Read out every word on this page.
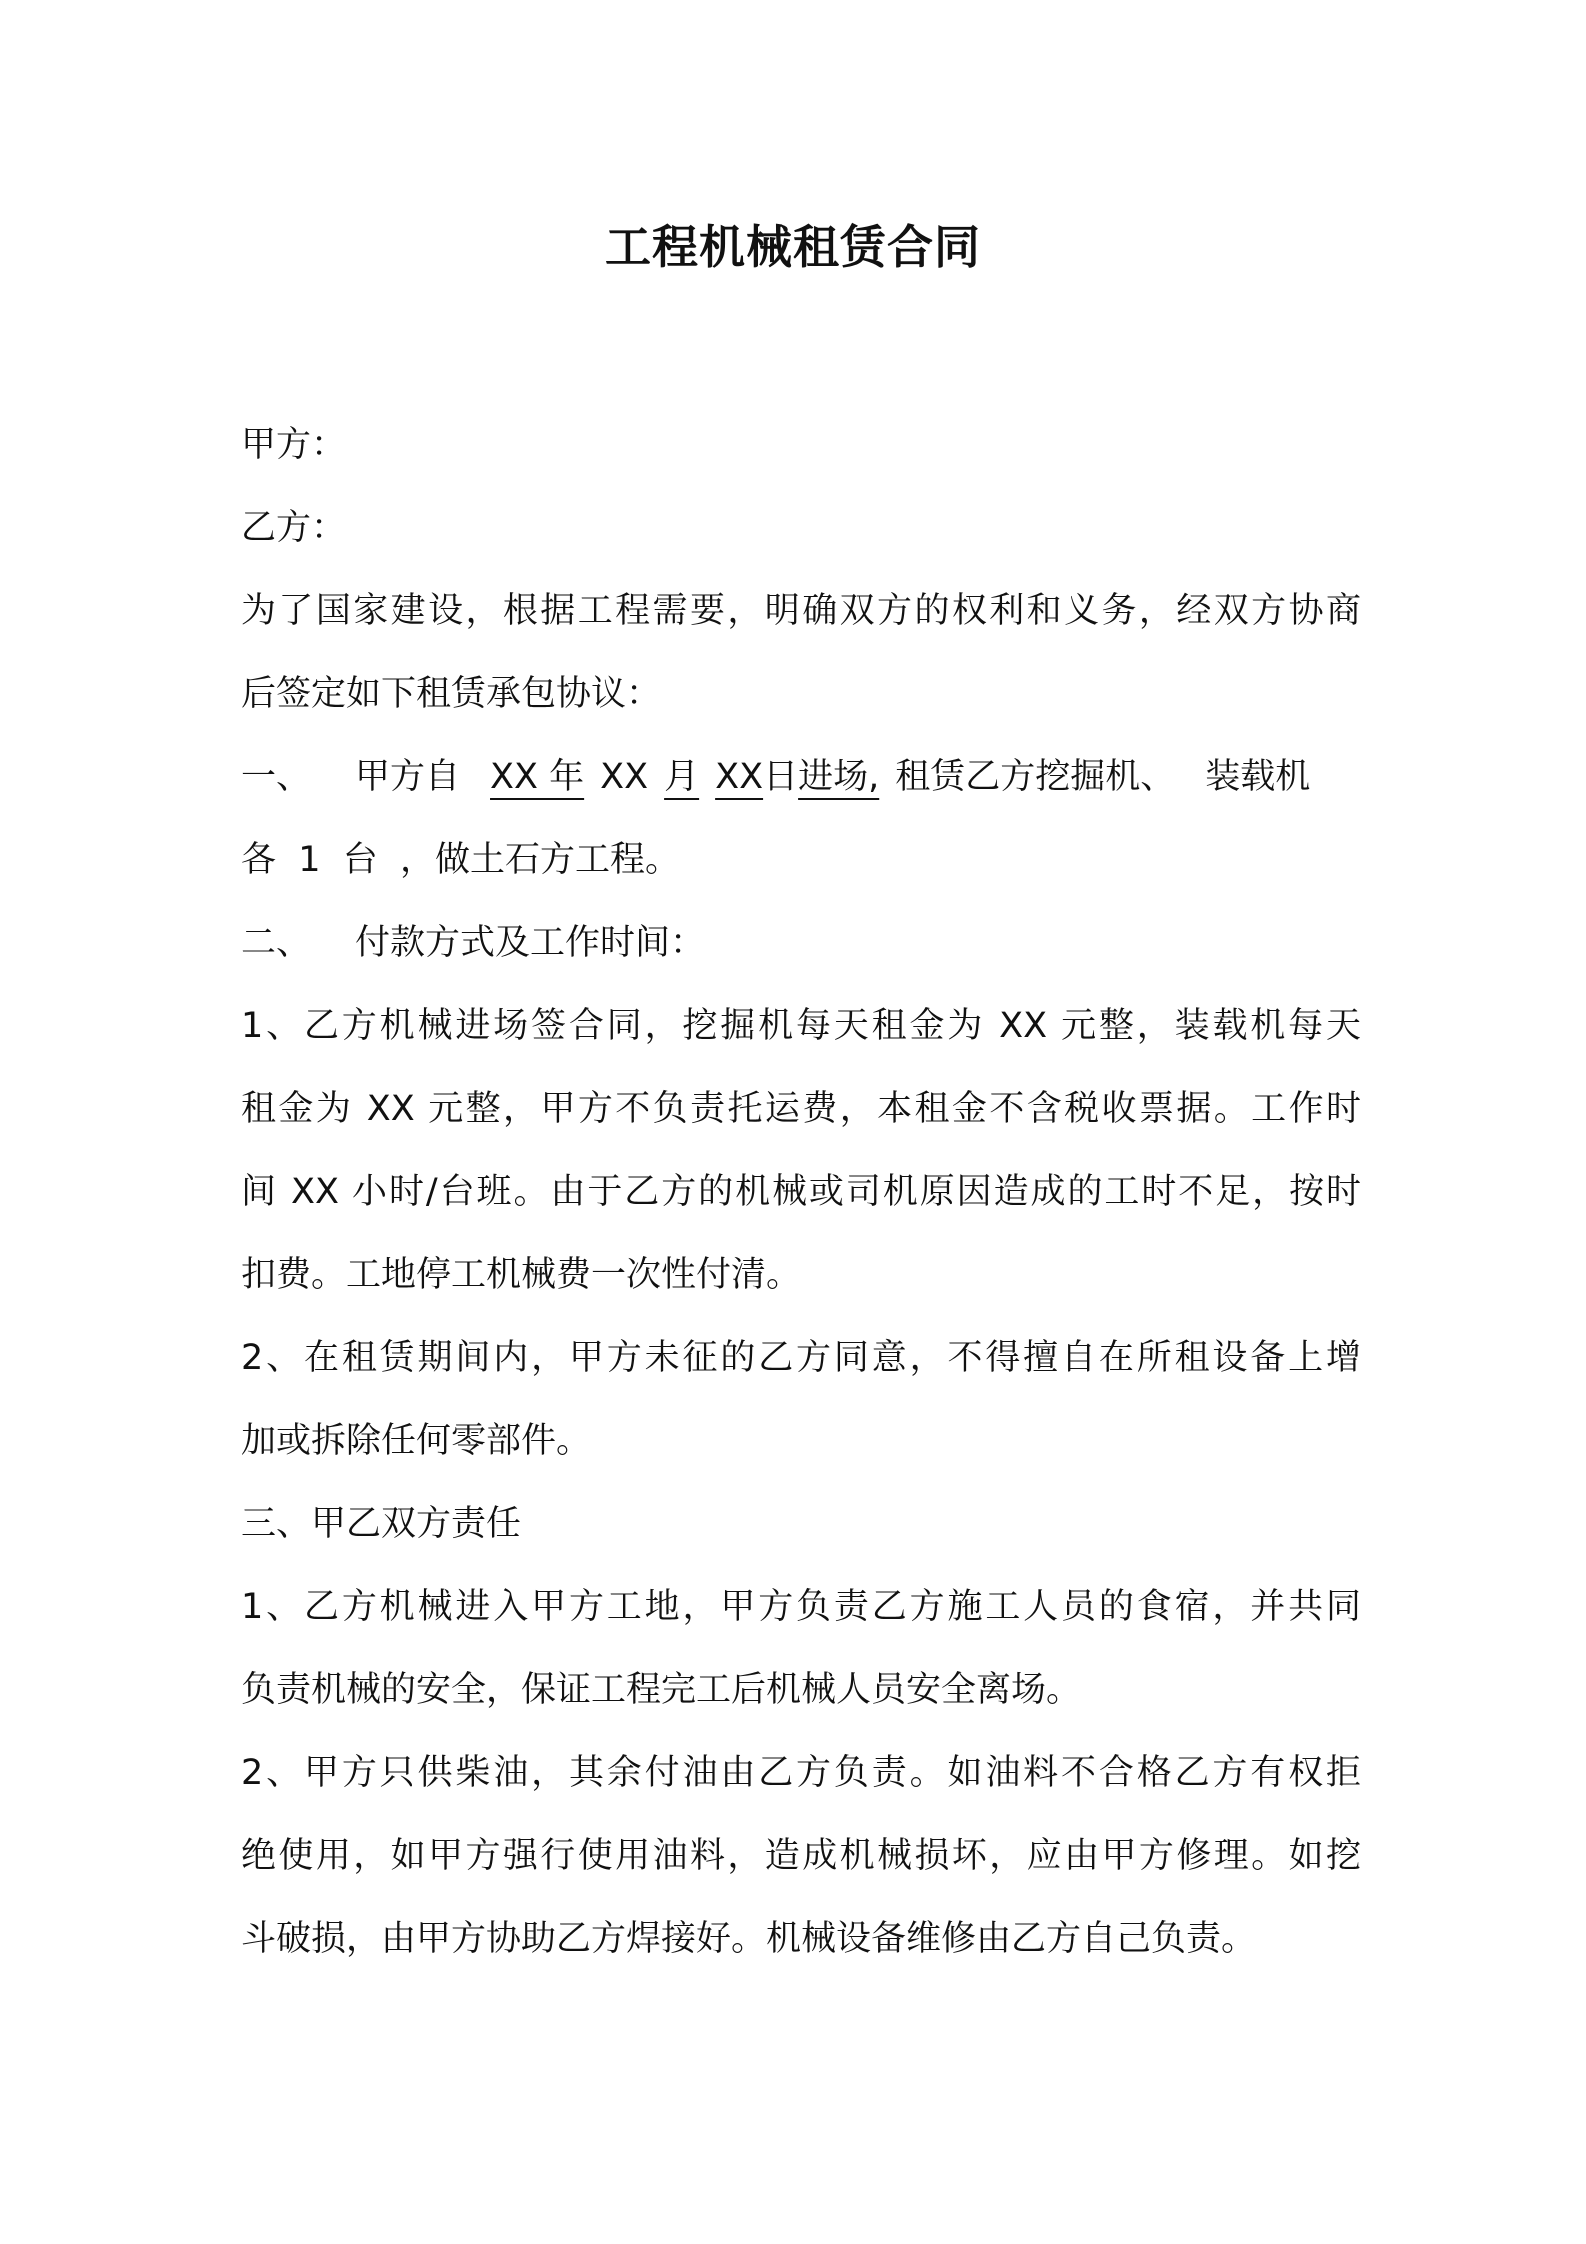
工程机械租赁合同
甲方：
乙方：
为了国家建设，根据工程需要，明确双方的权利和义务，经双方协商
后签定如下租赁承包协议：
一、 甲方自 XX 年 XX 月 XX日进场, 租赁乙方挖掘机、 装载机
各  1  台  ，做土石方工程。
二、 付款方式及工作时间：
1、乙方机械进场签合同，挖掘机每天租金为 XX 元整，装载机每天
租金为 XX 元整，甲方不负责托运费，本租金不含税收票据。工作时
间 XX 小时/台班。由于乙方的机械或司机原因造成的工时不足，按时
扣费。工地停工机械费一次性付清。
2、在租赁期间内，甲方未征的乙方同意，不得擅自在所租设备上增
加或拆除任何零部件。
三、甲乙双方责任
1、乙方机械进入甲方工地，甲方负责乙方施工人员的食宿，并共同
负责机械的安全，保证工程完工后机械人员安全离场。
2、甲方只供柴油，其余付油由乙方负责。如油料不合格乙方有权拒
绝使用，如甲方强行使用油料，造成机械损坏，应由甲方修理。如挖
斗破损，由甲方协助乙方焊接好。机械设备维修由乙方自己负责。
